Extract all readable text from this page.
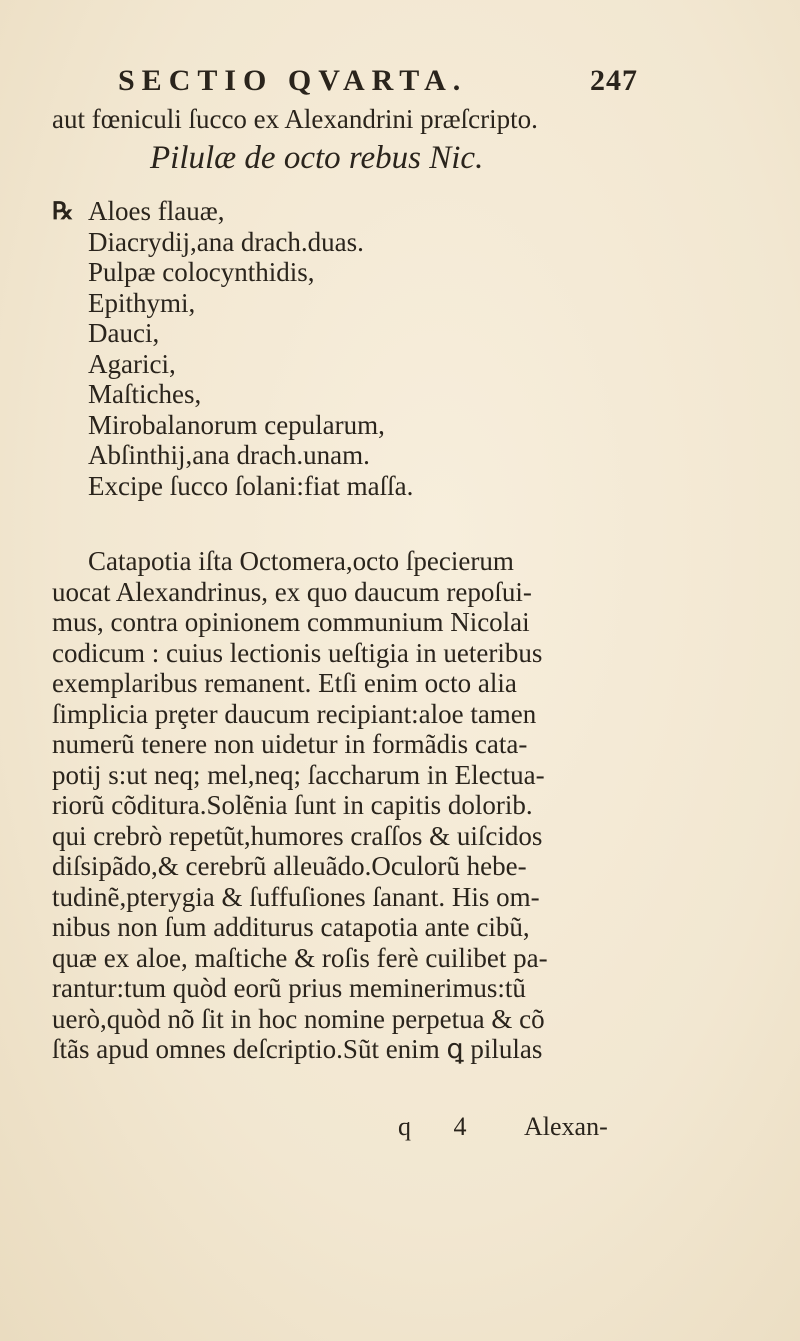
SECTIO QVARTA.	247
aut fœniculi ſucco ex Alexandrini præſcripto.
Pilulæ de octo rebus Nic.
℞ Aloes flauæ,
Diacrydij,ana drach.duas.
Pulpæ colocynthidis,
Epithymi,
Dauci,
Agarici,
Maſtiches,
Mirobalanorum cepularum,
Abſinthij,ana drach.unam.
Excipe ſucco ſolani:fiat maſſa.
Catapotia iſta Octomera,octo ſpecierum
uocat Alexandrinus, ex quo daucum repoſui-
mus, contra opinionem communium Nicolai
codicum : cuius lectionis ueſtigia in ueteribus
exemplaribus remanent. Etſi enim octo alia
ſimplicia prȩter daucum recipiant:aloe tamen
numerũ tenere non uidetur in formãdis cata-
potij s:ut neq; mel,neq; ſaccharum in Electua-
riorũ cõditura.Solẽnia ſunt in capitis dolorib.
qui crebrò repetũt,humores craſſos & uiſcidos
diſsipãdo,& cerebrũ alleuãdo.Oculorũ hebe-
tudinẽ,pterygia & ſuffuſiones ſanant. His om-
nibus non ſum additurus catapotia ante cibũ,
quæ ex aloe, maſtiche & roſis ferè cuilibet pa-
rantur:tum quòd eorũ prius meminerimus:tũ
uerò,quòd nõ ſit in hoc nomine perpetua & cõ
ſtãs apud omnes deſcriptio.Sũt enim ꝗ pilulas
q 4 Alexan-
